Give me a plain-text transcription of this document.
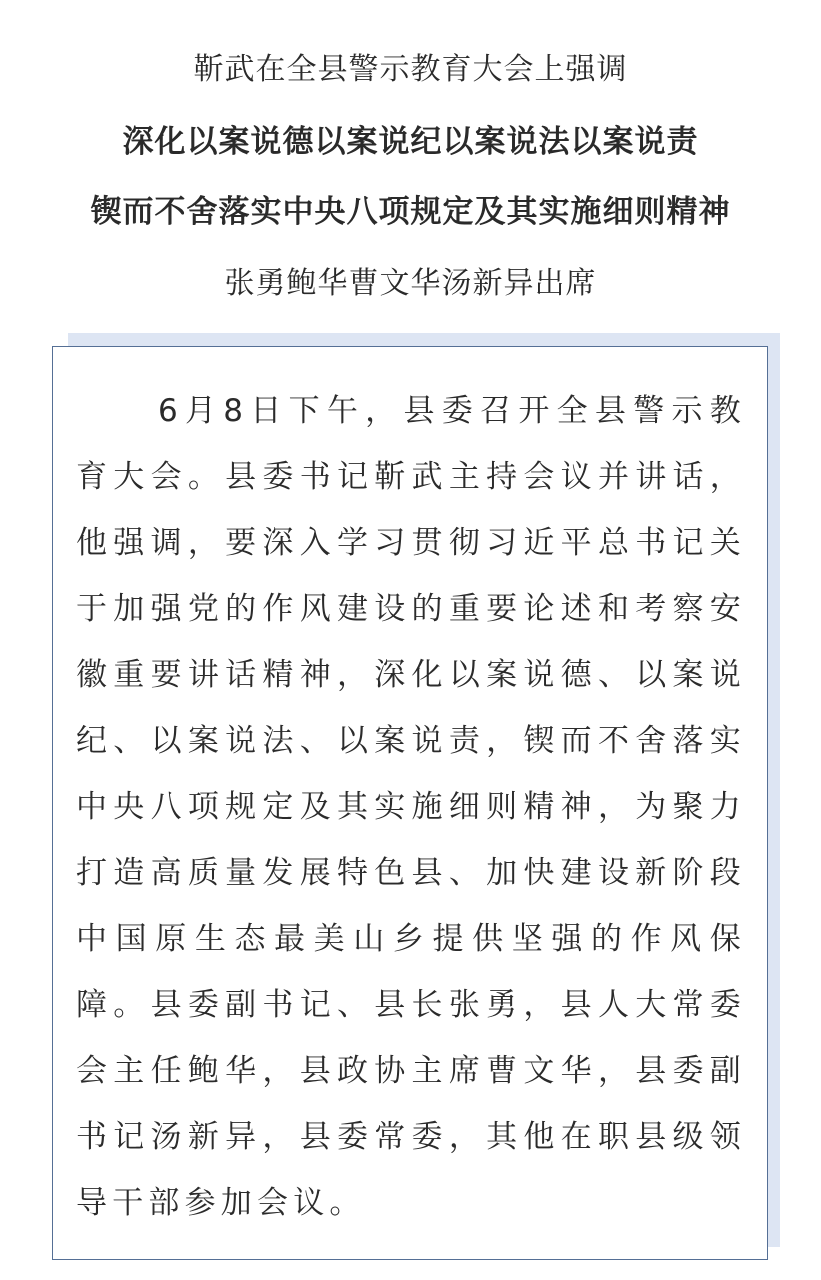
靳武在全县警示教育大会上强调
深化以案说德以案说纪以案说法以案说责
锲而不舍落实中央八项规定及其实施细则精神
张勇鲍华曹文华汤新异出席

6月8日下午，县委召开全县警示教育大会。县委书记靳武主持会议并讲话，他强调，要深入学习贯彻习近平总书记关于加强党的作风建设的重要论述和考察安徽重要讲话精神，深化以案说德、以案说纪、以案说法、以案说责，锲而不舍落实中央八项规定及其实施细则精神，为聚力打造高质量发展特色县、加快建设新阶段中国原生态最美山乡提供坚强的作风保障。县委副书记、县长张勇，县人大常委会主任鲍华，县政协主席曹文华，县委副书记汤新异，县委常委，其他在职县级领导干部参加会议。
